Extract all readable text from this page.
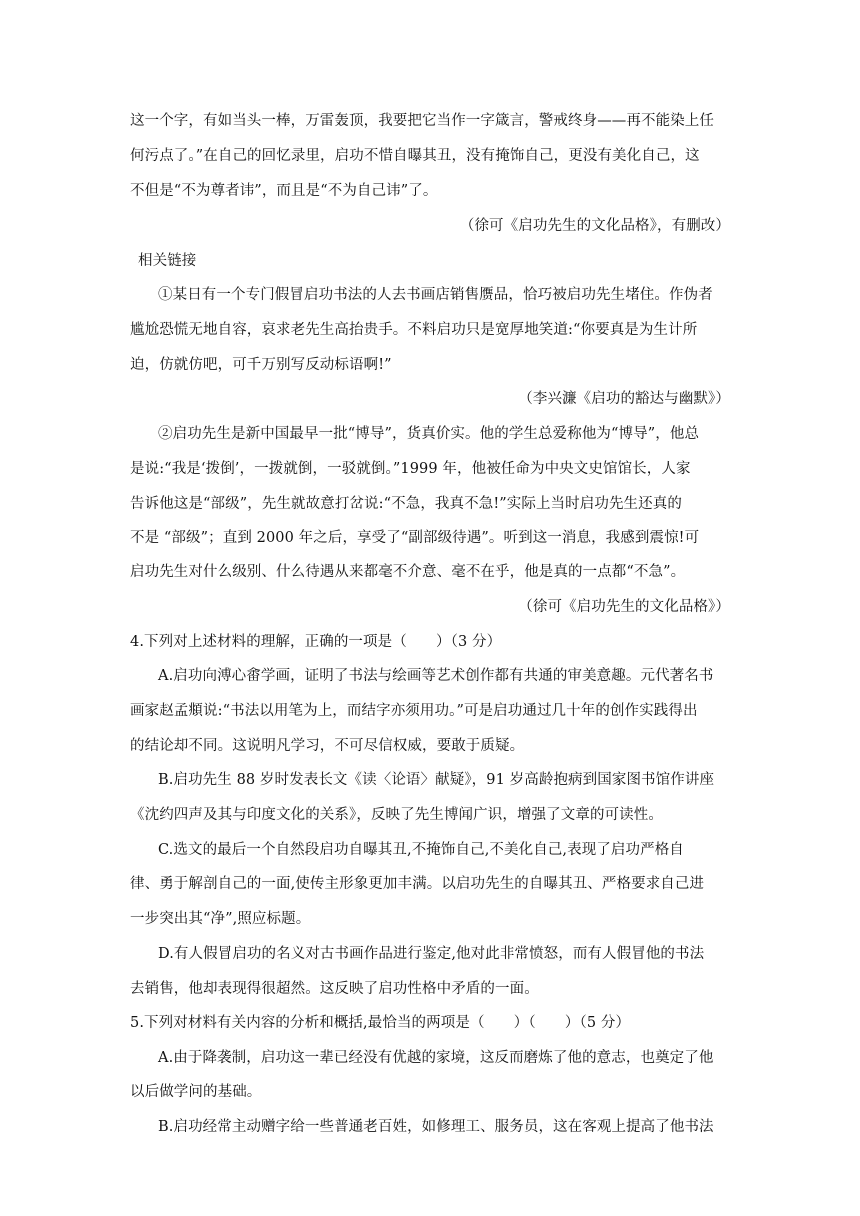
这一个字，有如当头一棒，万雷轰顶，我要把它当作一字箴言，警戒终身——再不能染上任
何污点了。”在自己的回忆录里，启功不惜自曝其丑，没有掩饰自己，更没有美化自己，这
不但是“不为尊者讳”，而且是“不为自己讳”了。
（徐可《启功先生的文化品格》，有删改）
相关链接
①某日有一个专门假冒启功书法的人去书画店销售赝品，恰巧被启功先生堵住。作伪者
尴尬恐慌无地自容，哀求老先生高抬贵手。不料启功只是宽厚地笑道:“你要真是为生计所
迫，仿就仿吧，可千万别写反动标语啊!”
（李兴濂《启功的豁达与幽默》）
②启功先生是新中国最早一批“博导”，货真价实。他的学生总爱称他为“博导”，他总
是说:“我是‘拨倒’，一拨就倒，一驳就倒。”1999 年，他被任命为中央文史馆馆长，人家
告诉他这是“部级”，先生就故意打岔说:“不急，我真不急!”实际上当时启功先生还真的
不是 “部级”；直到 2000 年之后，享受了“副部级待遇”。听到这一消息，我感到震惊!可
启功先生对什么级别、什么待遇从来都毫不介意、毫不在乎，他是真的一点都“不急”。
（徐可《启功先生的文化品格》）
4.下列对上述材料的理解，正确的一项是（　　）（3 分）
A.启功向溥心畬学画，证明了书法与绘画等艺术创作都有共通的审美意趣。元代著名书
画家赵孟頫说:“书法以用笔为上，而结字亦须用功。”可是启功通过几十年的创作实践得出
的结论却不同。这说明凡学习，不可尽信权威，要敢于质疑。
B.启功先生 88 岁时发表长文《读〈论语〉献疑》，91 岁高龄抱病到国家图书馆作讲座
《沈约四声及其与印度文化的关系》，反映了先生博闻广识，增强了文章的可读性。
C.选文的最后一个自然段启功自曝其丑,不掩饰自己,不美化自己,表现了启功严格自
律、勇于解剖自己的一面,使传主形象更加丰满。以启功先生的自曝其丑、严格要求自己进
一步突出其“净”,照应标题。
D.有人假冒启功的名义对古书画作品进行鉴定,他对此非常愤怒，而有人假冒他的书法
去销售，他却表现得很超然。这反映了启功性格中矛盾的一面。
5.下列对材料有关内容的分析和概括,最恰当的两项是（　　）（　　）（5 分）
A.由于降袭制，启功这一辈已经没有优越的家境，这反而磨炼了他的意志，也奠定了他
以后做学问的基础。
B.启功经常主动赠字给一些普通老百姓，如修理工、服务员，这在客观上提高了他书法
